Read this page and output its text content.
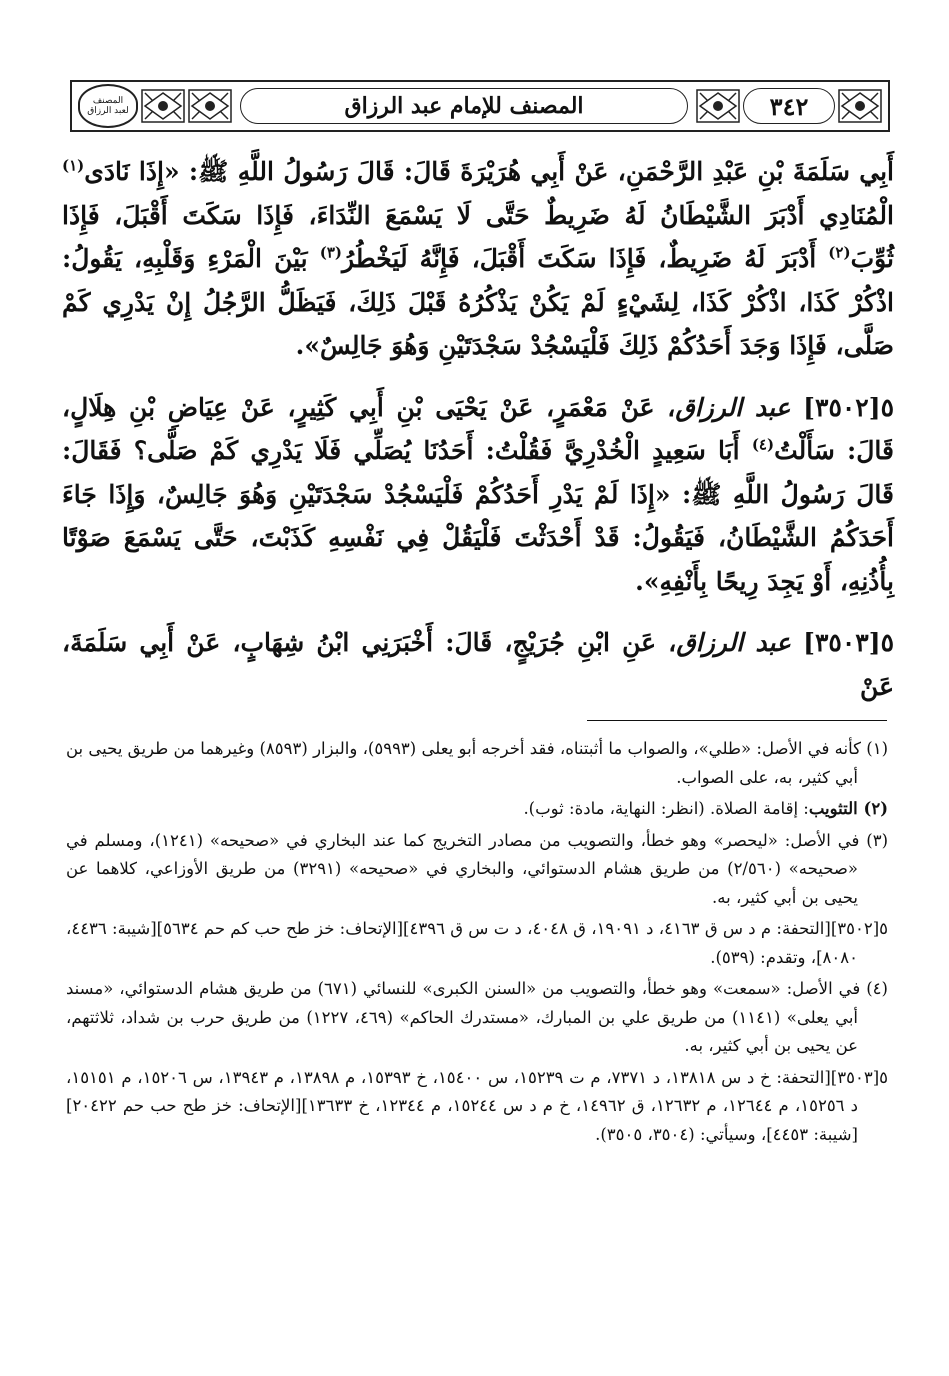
المصنف
لعبد الرزاق	المصنف للإمام عبد الرزاق	٣٤٢

أَبِي سَلَمَةَ بْنِ عَبْدِ الرَّحْمَنِ، عَنْ أَبِي هُرَيْرَةَ قَالَ: قَالَ رَسُولُ اللَّهِ ﷺ: «إِذَا نَادَى$^{(١)}$ الْمُنَادِي أَدْبَرَ الشَّيْطَانُ لَهُ ضَرِيطٌ حَتَّى لَا يَسْمَعَ النِّدَاءَ، فَإِذَا سَكَتَ أَقْبَلَ، فَإِذَا ثُوِّبَ$^{(٢)}$ أَدْبَرَ لَهُ ضَرِيطٌ، فَإِذَا سَكَتَ أَقْبَلَ، فَإِنَّهُ لَيَخْطُرُ$^{(٣)}$ بَيْنَ الْمَرْءِ وَقَلْبِهِ، يَقُولُ: اذْكُرْ كَذَا، اذْكُرْ كَذَا، لِشَيْءٍ لَمْ يَكُنْ يَذْكُرُهُ قَبْلَ ذَلِكَ، فَيَظَلُّ الرَّجُلُ إِنْ يَدْرِي كَمْ صَلَّى، فَإِذَا وَجَدَ أَحَدُكُمْ ذَلِكَ فَلْيَسْجُدْ سَجْدَتَيْنِ وَهُوَ جَالِسٌ».

٥[٣٥٠٢] عبد الرزاق، عَنْ مَعْمَرٍ، عَنْ يَحْيَى بْنِ أَبِي كَثِيرٍ، عَنْ عِيَاضِ بْنِ هِلَالٍ، قَالَ: سَأَلْتُ$^{(٤)}$ أَبَا سَعِيدٍ الْخُدْرِيَّ فَقُلْتُ: أَحَدُنَا يُصَلِّي فَلَا يَدْرِي كَمْ صَلَّى؟ فَقَالَ: قَالَ رَسُولُ اللَّهِ ﷺ: «إِذَا لَمْ يَدْرِ أَحَدُكُمْ فَلْيَسْجُدْ سَجْدَتَيْنِ وَهُوَ جَالِسٌ، وَإِذَا جَاءَ أَحَدَكُمُ الشَّيْطَانُ، فَيَقُولُ: قَدْ أَحْدَثْتَ فَلْيَقُلْ فِي نَفْسِهِ كَذَبْتَ، حَتَّى يَسْمَعَ صَوْتًا بِأُذُنِهِ، أَوْ يَجِدَ رِيحًا بِأَنْفِهِ».

٥[٣٥٠٣] عبد الرزاق، عَنِ ابْنِ جُرَيْجٍ، قَالَ: أَخْبَرَنِي ابْنُ شِهَابٍ، عَنْ أَبِي سَلَمَةَ، عَنْ

(١) كأنه في الأصل: «طلي»، والصواب ما أثبتناه، فقد أخرجه أبو يعلى (٥٩٩٣)، والبزار (٨٥٩٣) وغيرهما من طريق يحيى بن أبي كثير، به، على الصواب.

(٢) التثويب: إقامة الصلاة. (انظر: النهاية، مادة: ثوب).

(٣) في الأصل: «ليحصر» وهو خطأ، والتصويب من مصادر التخريج كما عند البخاري في «صحيحه» (١٢٤١)، ومسلم في «صحيحه» (٢/٥٦٠) من طريق هشام الدستوائي، والبخاري في «صحيحه» (٣٢٩١) من طريق الأوزاعي، كلاهما عن يحيى بن أبي كثير، به.

٥[٣٥٠٢][التحفة: م د س ق ٤١٦٣، د ١٩٠٩١، ق ٤٠٤٨، د ت س ق ٤٣٩٦][الإتحاف: خز طح حب كم حم ٥٦٣٤][شيبة: ٤٤٣٦، ٨٠٨٠]، وتقدم: (٥٣٩).

(٤) في الأصل: «سمعت» وهو خطأ، والتصويب من «السنن الكبرى» للنسائي (٦٧١) من طريق هشام الدستوائي، «مسند أبي يعلى» (١١٤١) من طريق علي بن المبارك، «مستدرك الحاكم» (٤٦٩، ١٢٢٧) من طريق حرب بن شداد، ثلاثتهم، عن يحيى بن أبي كثير، به.

٥[٣٥٠٣][التحفة: خ د س ١٣٨١٨، د ٧٣٧١، م ت ١٥٢٣٩، س ١٥٤٠٠، خ ١٥٣٩٣، م ١٣٨٩٨، م ١٣٩٤٣، س ١٥٢٠٦، م ١٥١٥١، د ١٥٢٥٦، م ١٢٦٤٤، م ١٢٦٣٢، ق ١٤٩٦٢، خ م د س ١٥٢٤٤، م ١٢٣٤٤، خ ١٣٦٣٣][الإتحاف: خز طح حب حم ٢٠٤٢٢][شيبة: ٤٤٥٣]، وسيأتي: (٣٥٠٤، ٣٥٠٥).
